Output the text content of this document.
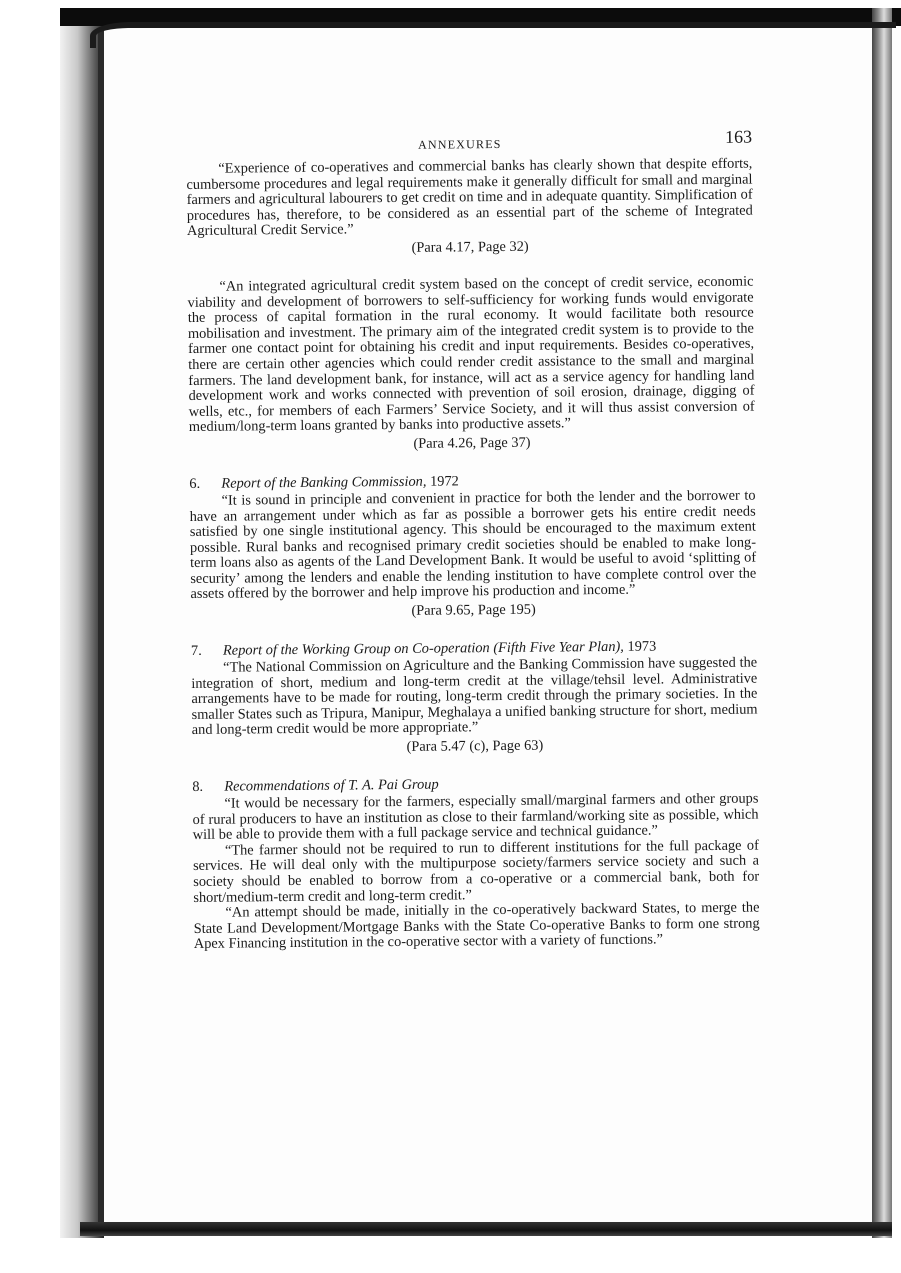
ANNEXURES	163

“Experience of co-operatives and commercial banks has clearly shown that despite efforts, cumbersome procedures and legal requirements make it generally difficult for small and marginal farmers and agricultural labourers to get credit on time and in adequate quantity. Simplification of procedures has, therefore, to be considered as an essential part of the scheme of Integrated Agricultural Credit Service.”

(Para 4.17, Page 32)

“An integrated agricultural credit system based on the concept of credit service, economic viability and development of borrowers to self-sufficiency for working funds would envigorate the process of capital formation in the rural economy. It would facilitate both resource mobilisation and investment. The primary aim of the integrated credit system is to provide to the farmer one contact point for obtaining his credit and input requirements. Besides co-operatives, there are certain other agencies which could render credit assistance to the small and marginal farmers. The land development bank, for instance, will act as a service agency for handling land development work and works connected with prevention of soil erosion, drainage, digging of wells, etc., for members of each Farmers’ Service Society, and it will thus assist conversion of medium/long-term loans granted by banks into productive assets.”

(Para 4.26, Page 37)
6. Report of the Banking Commission, 1972

“It is sound in principle and convenient in practice for both the lender and the borrower to have an arrangement under which as far as possible a borrower gets his entire credit needs satisfied by one single institutional agency. This should be encouraged to the maximum extent possible. Rural banks and recognised primary credit societies should be enabled to make long-term loans also as agents of the Land Development Bank. It would be useful to avoid ‘splitting of security’ among the lenders and enable the lending institution to have complete control over the assets offered by the borrower and help improve his production and income.”

(Para 9.65, Page 195)
7. Report of the Working Group on Co-operation (Fifth Five Year Plan), 1973

“The National Commission on Agriculture and the Banking Commission have suggested the integration of short, medium and long-term credit at the village/tehsil level. Administrative arrangements have to be made for routing, long-term credit through the primary societies. In the smaller States such as Tripura, Manipur, Meghalaya a unified banking structure for short, medium and long-term credit would be more appropriate.”

(Para 5.47 (c), Page 63)
8. Recommendations of T. A. Pai Group

“It would be necessary for the farmers, especially small/marginal farmers and other groups of rural producers to have an institution as close to their farmland/working site as possible, which will be able to provide them with a full package service and technical guidance.”

“The farmer should not be required to run to different institutions for the full package of services. He will deal only with the multipurpose society/farmers service society and such a society should be enabled to borrow from a co-operative or a commercial bank, both for short/medium-term credit and long-term credit.”

“An attempt should be made, initially in the co-operatively backward States, to merge the State Land Development/Mortgage Banks with the State Co-operative Banks to form one strong Apex Financing institution in the co-operative sector with a variety of functions.”
